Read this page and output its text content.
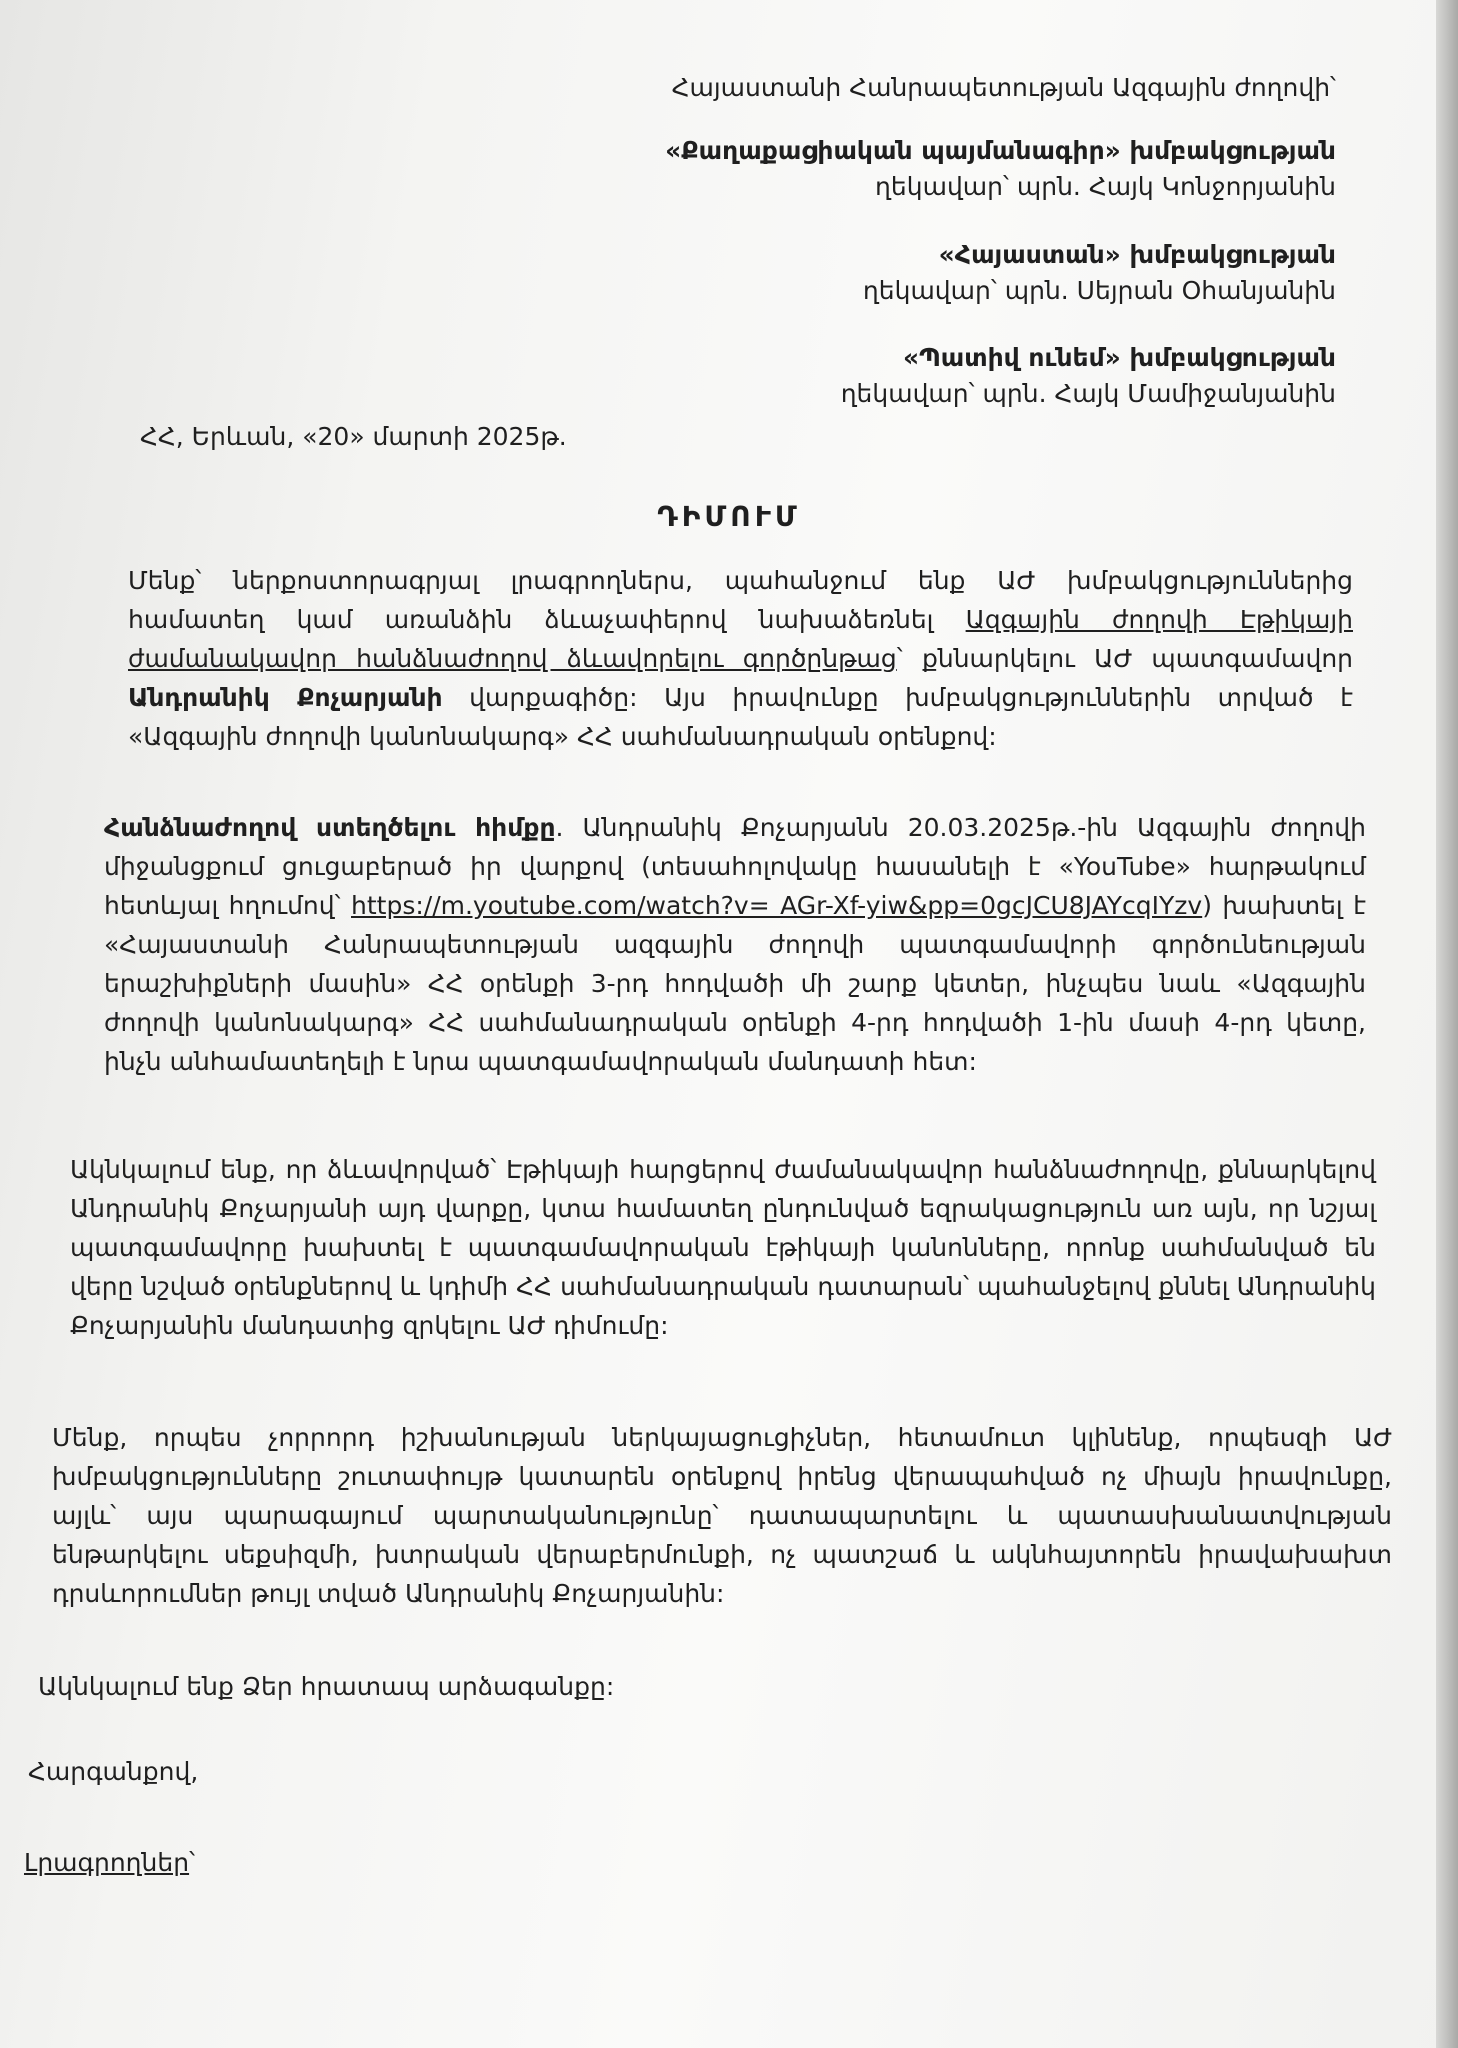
Հայաստանի Հանրապետության Ազգային ժողովի՝
«Քաղաքացիական պայմանագիր» խմբակցության
ղեկավար՝ պրն. Հայկ Կոնջորյանին
«Հայաստան» խմբակցության
ղեկավար՝ պրն. Սեյրան Օհանյանին
«Պատիվ ունեմ» խմբակցության
ղեկավար՝ պրն. Հայկ Մամիջանյանին
ՀՀ, Երևան, «20» մարտի 2025թ.
ԴԻՄՈՒՄ
Մենք՝ ներքոստորագրյալ լրագրողներս, պահանջում ենք ԱԺ խմբակցություններից համատեղ կամ առանձին ձևաչափերով նախաձեռնել Ազգային ժողովի Էթիկայի ժամանակավոր հանձնաժողով ձևավորելու գործընթաց՝ քննարկելու ԱԺ պատգամավոր Անդրանիկ Քոչարյանի վարքագիծը: Այս իրավունքը խմբակցություններին տրված է «Ազգային ժողովի կանոնակարգ» ՀՀ սահմանադրական օրենքով:
Հանձնաժողով ստեղծելու հիմքը. Անդրանիկ Քոչարյանն 20.03.2025թ.-ին Ազգային ժողովի միջանցքում ցուցաբերած իր վարքով (տեսաhոլովակը հասանելի է «YouTube» հարթակում հետևյալ հղումով՝ https://m.youtube.com/watch?v= AGr-Xf-yiw&pp=0gcJCU8JAYcqIYzv) խախտել է «Հայաստանի Հանրապետության ազգային ժողովի պատգամավորի գործունեության երաշխիքների մասին» ՀՀ օրենքի 3-րդ հոդվածի մի շարք կետեր, ինչպես նաև «Ազգային ժողովի կանոնակարգ» ՀՀ սահմանադրական օրենքի 4-րդ հոդվածի 1-ին մասի 4-րդ կետը, ինչն անհամատեղելի է նրա պատգամավորական մանդատի հետ:
Ակնկալում ենք, որ ձևավորված՝ Էթիկայի հարցերով ժամանակավոր հանձնաժողովը, քննարկելով Անդրանիկ Քոչարյանի այդ վարքը, կտա համատեղ ընդունված եզրակացություն առ այն, որ նշյալ պատգամավորը խախտել է պատգամավորական էթիկայի կանոնները, որոնք սահմանված են վերը նշված օրենքներով և կդիմի ՀՀ սահմանադրական դատարան՝ պահանջելով քննել Անդրանիկ Քոչարյանին մանդատից զրկելու ԱԺ դիմումը:
Մենք, որպես չորրորդ իշխանության ներկայացուցիչներ, հետամուտ կլինենք, որպեսզի ԱԺ խմբակցությունները շուտափույթ կատարեն օրենքով իրենց վերապահված ոչ միայն իրավունքը, այլև՝ այս պարագայում պարտականությունը՝ դատապարտելու և պատասխանատվության ենթարկելու սեքսիզմի, խտրական վերաբերմունքի, ոչ պատշաճ և ակնհայտորեն իրավախախտ դրսևորումներ թույլ տված Անդրանիկ Քոչարյանին:
Ակնկալում ենք Ձեր հրատապ արձագանքը:
Հարգանքով,
Լրագրողներ՝
